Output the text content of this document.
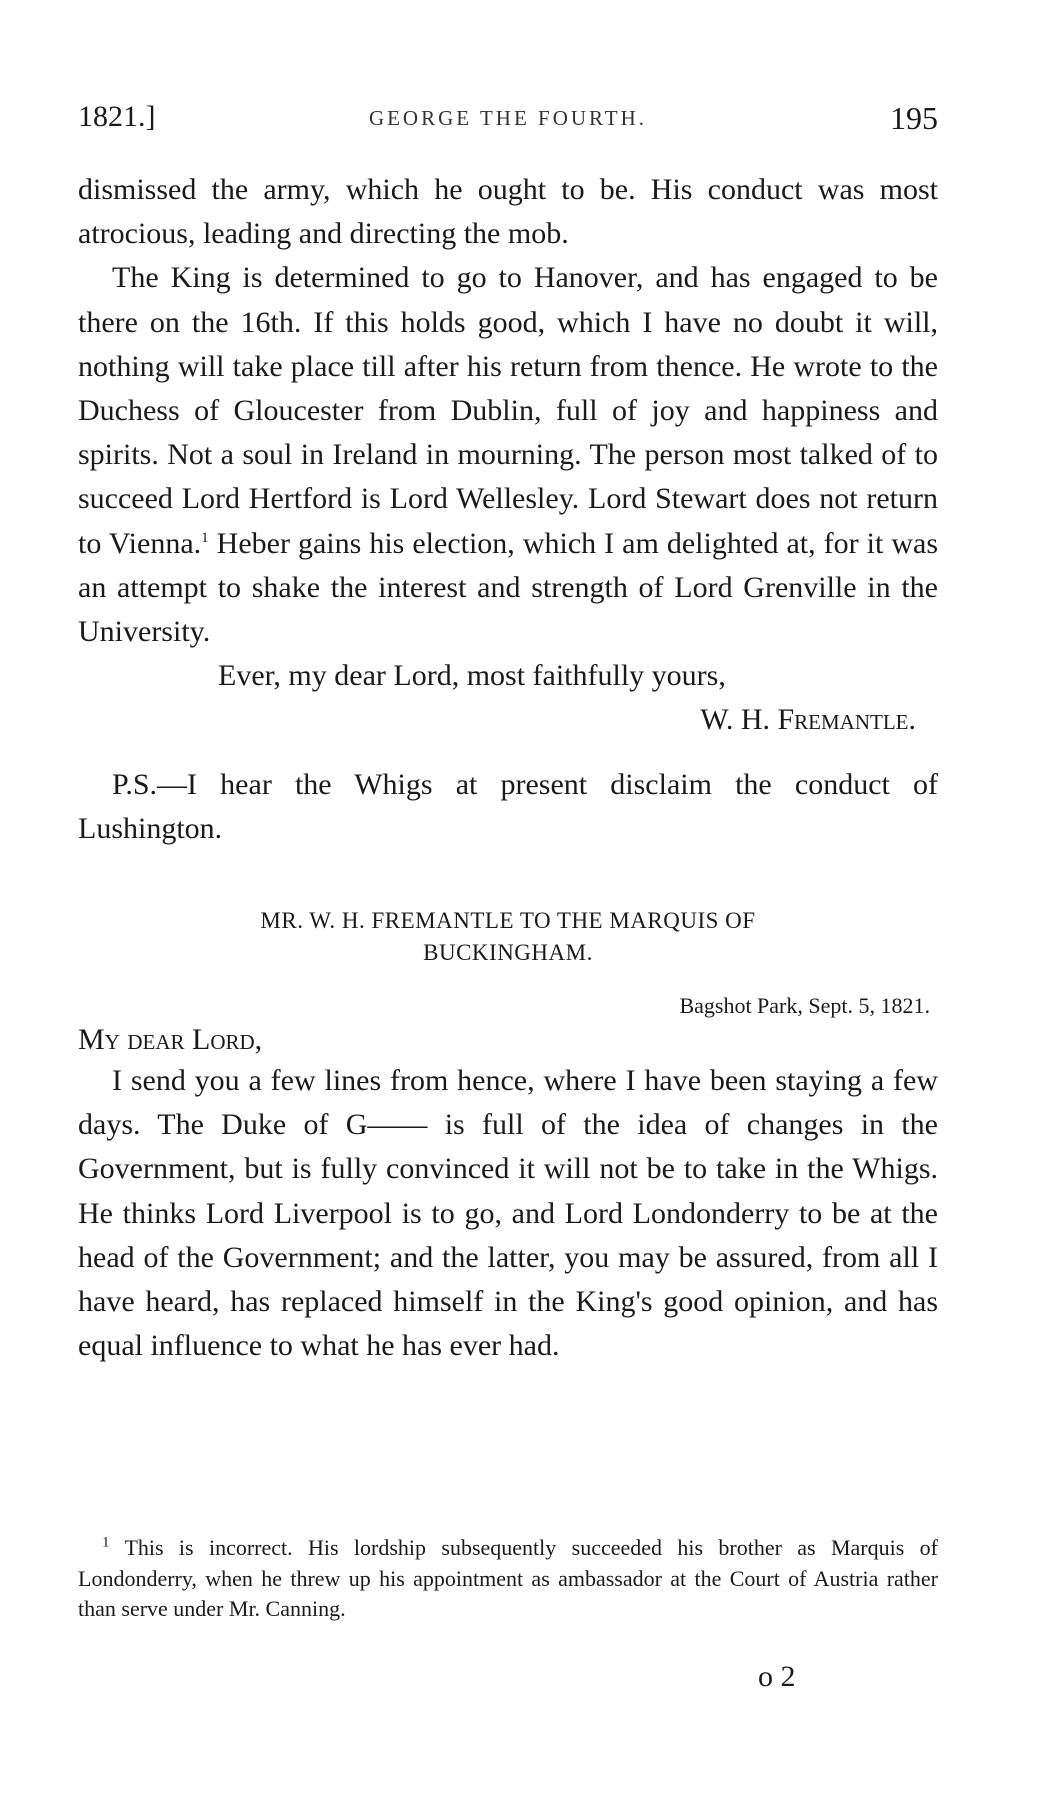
1821.]	GEORGE THE FOURTH.	195

dismissed the army, which he ought to be. His conduct was most atrocious, leading and directing the mob.

The King is determined to go to Hanover, and has engaged to be there on the 16th. If this holds good, which I have no doubt it will, nothing will take place till after his return from thence. He wrote to the Duchess of Gloucester from Dublin, full of joy and happiness and spirits. Not a soul in Ireland in mourning. The person most talked of to succeed Lord Hertford is Lord Wellesley. Lord Stewart does not return to Vienna.$^1$ Heber gains his election, which I am delighted at, for it was an attempt to shake the interest and strength of Lord Grenville in the University.

Ever, my dear Lord, most faithfully yours,

W. H. Fremantle.

P.S.—I hear the Whigs at present disclaim the conduct of Lushington.

MR. W. H. FREMANTLE TO THE MARQUIS OF
BUCKINGHAM.

Bagshot Park, Sept. 5, 1821.

My dear Lord,

I send you a few lines from hence, where I have been staying a few days. The Duke of G—— is full of the idea of changes in the Government, but is fully convinced it will not be to take in the Whigs. He thinks Lord Liverpool is to go, and Lord Londonderry to be at the head of the Government; and the latter, you may be assured, from all I have heard, has replaced himself in the King's good opinion, and has equal influence to what he has ever had.

$^1$ This is incorrect. His lordship subsequently succeeded his brother as Marquis of Londonderry, when he threw up his appointment as ambassador at the Court of Austria rather than serve under Mr. Canning.

o 2
